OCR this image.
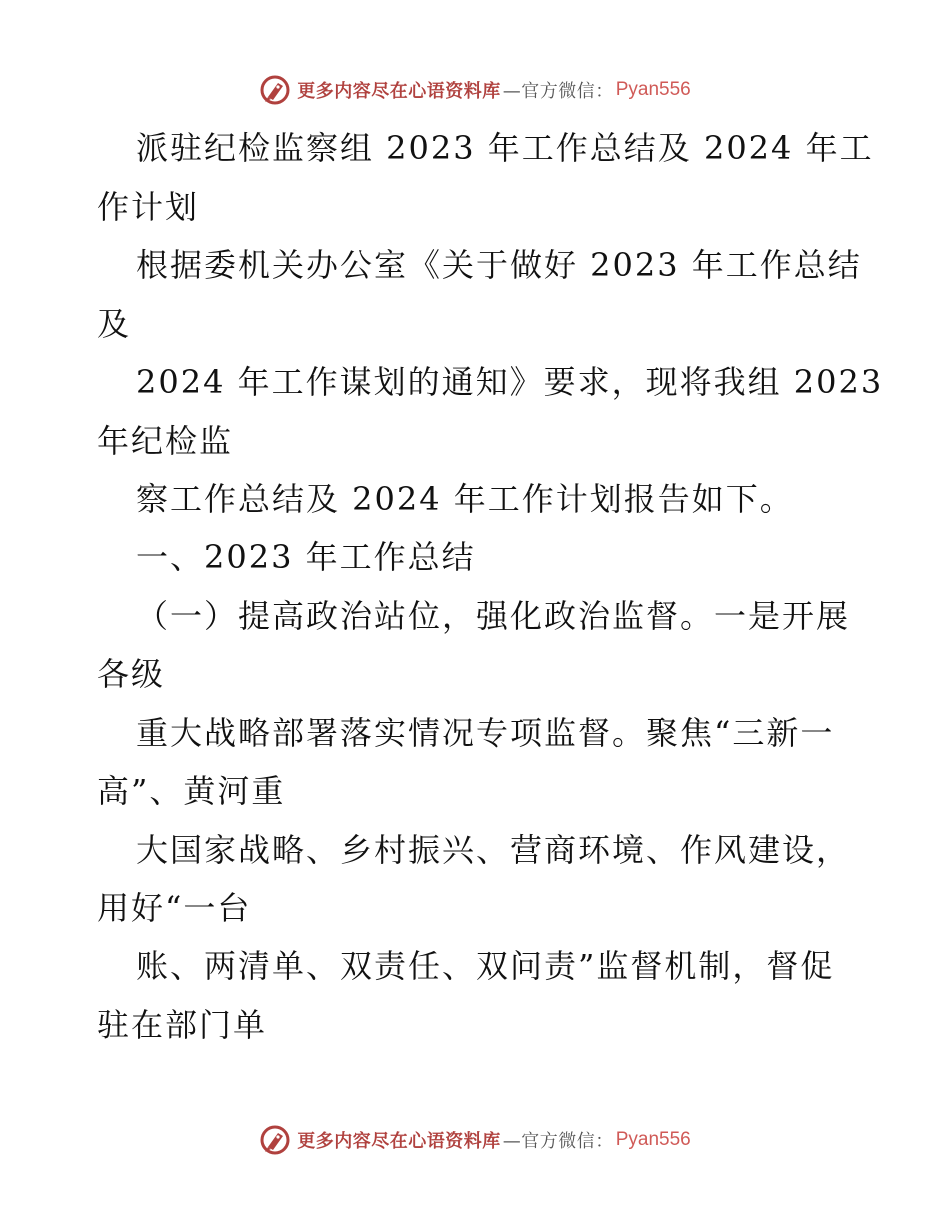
更多内容尽在心语资料库 —官方微信： Pyan556
派驻纪检监察组 2023 年工作总结及 2024 年工
作计划
根据委机关办公室《关于做好 2023 年工作总结
及
2024 年工作谋划的通知》要求，现将我组 2023
年纪检监
察工作总结及 2024 年工作计划报告如下。
一、2023 年工作总结
（一）提高政治站位，强化政治监督。一是开展
各级
重大战略部署落实情况专项监督。聚焦“三新一
高”、黄河重
大国家战略、乡村振兴、营商环境、作风建设，
用好“一台
账、两清单、双责任、双问责”监督机制，督促
驻在部门单
更多内容尽在心语资料库 —官方微信： Pyan556
